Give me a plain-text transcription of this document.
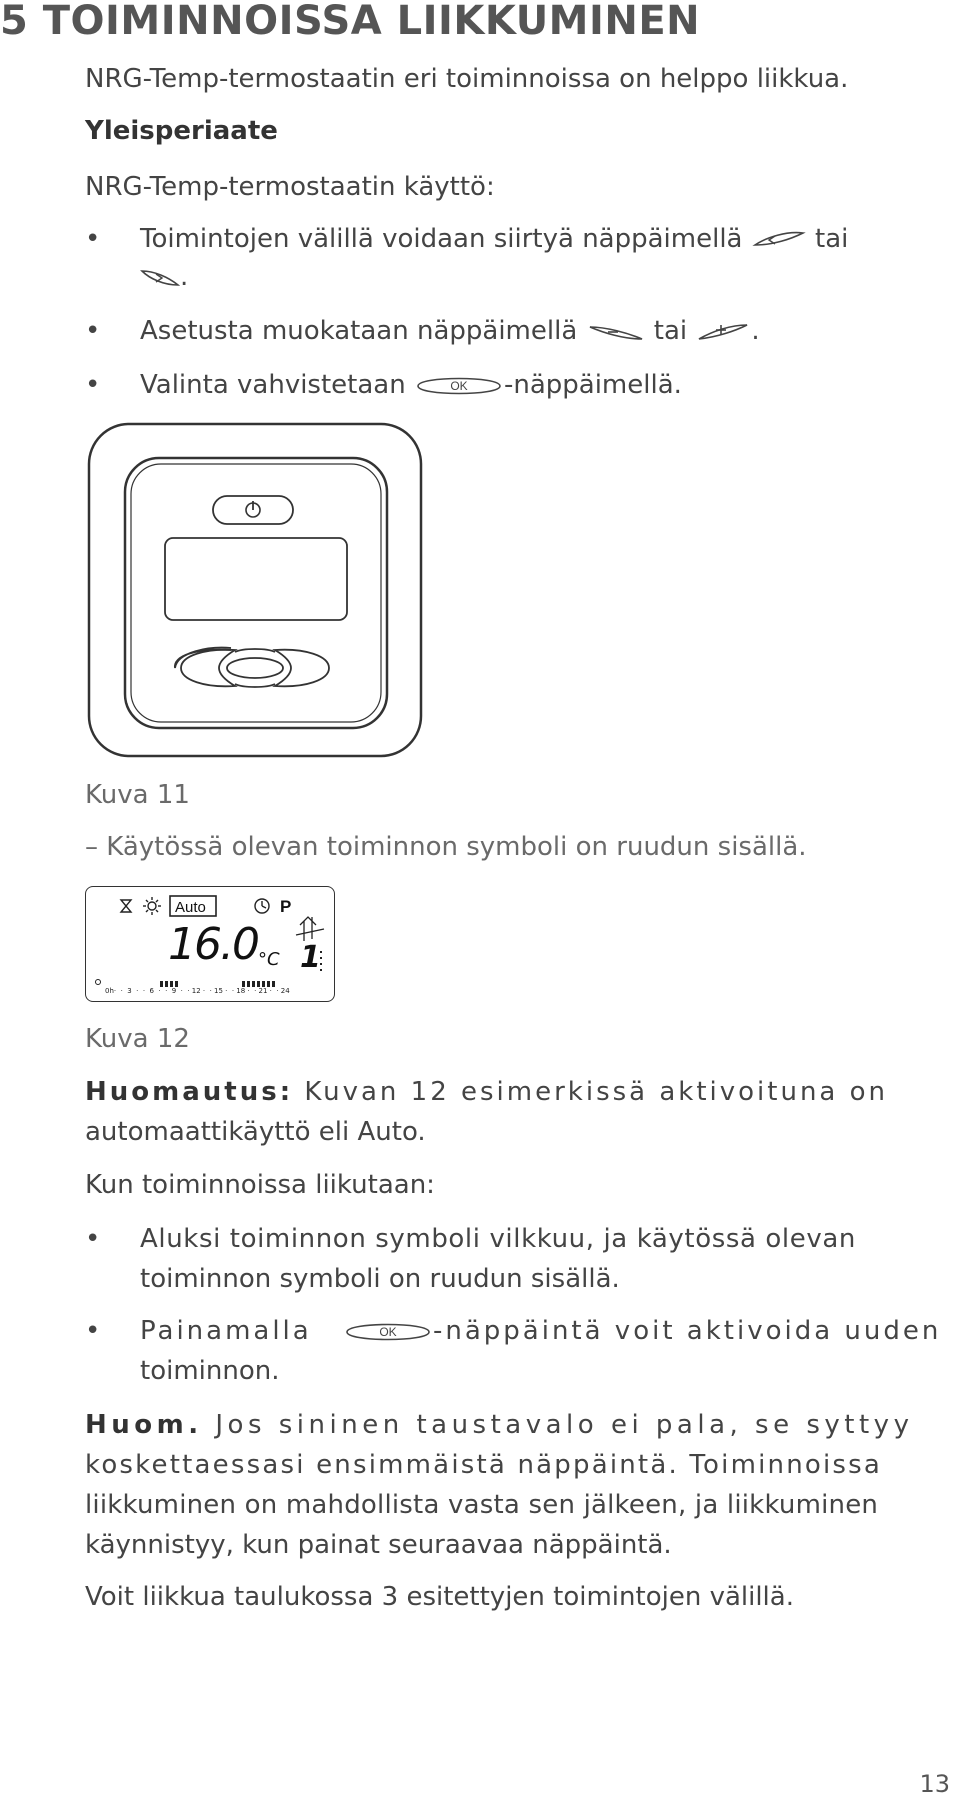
5 TOIMINNOISSA LIIKKUMINEN

NRG-Temp-termostaatin eri toiminnoissa on helppo liikkua.

Yleisperiaate

NRG-Temp-termostaatin käyttö:

• Toimintojen välillä voidaan siirtyä näppäimellä	tai

.

• Asetusta muokataan näppäimellä	tai .

• Valinta vahvistetaan	OK -näppäimellä.

Kuva 11

– Käytössä olevan toiminnon symboli on ruudun sisällä.

Auto	P
16.0 °C 1
0h·  ·  3  ·  ·  6  ·  ·  9  ·  · 12 ·  · 15 ·  · 18 ·  · 21 ·  · 24

Kuva 12

Huomautus: Kuvan 12 esimerkissä aktivoituna on

automaattikäyttö eli Auto.

Kun toiminnoissa liikutaan:

• Aluksi toiminnon symboli vilkkuu, ja käytössä olevan

toiminnon symboli on ruudun sisällä.

• Painamalla	OK -näppäintä voit aktivoida uuden

toiminnon.

Huom. Jos sininen taustavalo ei pala, se syttyy

koskettaessasi ensimmäistä näppäintä. Toiminnoissa

liikkuminen on mahdollista vasta sen jälkeen, ja liikkuminen

käynnistyy, kun painat seuraavaa näppäintä.

Voit liikkua taulukossa 3 esitettyjen toimintojen välillä.

13
